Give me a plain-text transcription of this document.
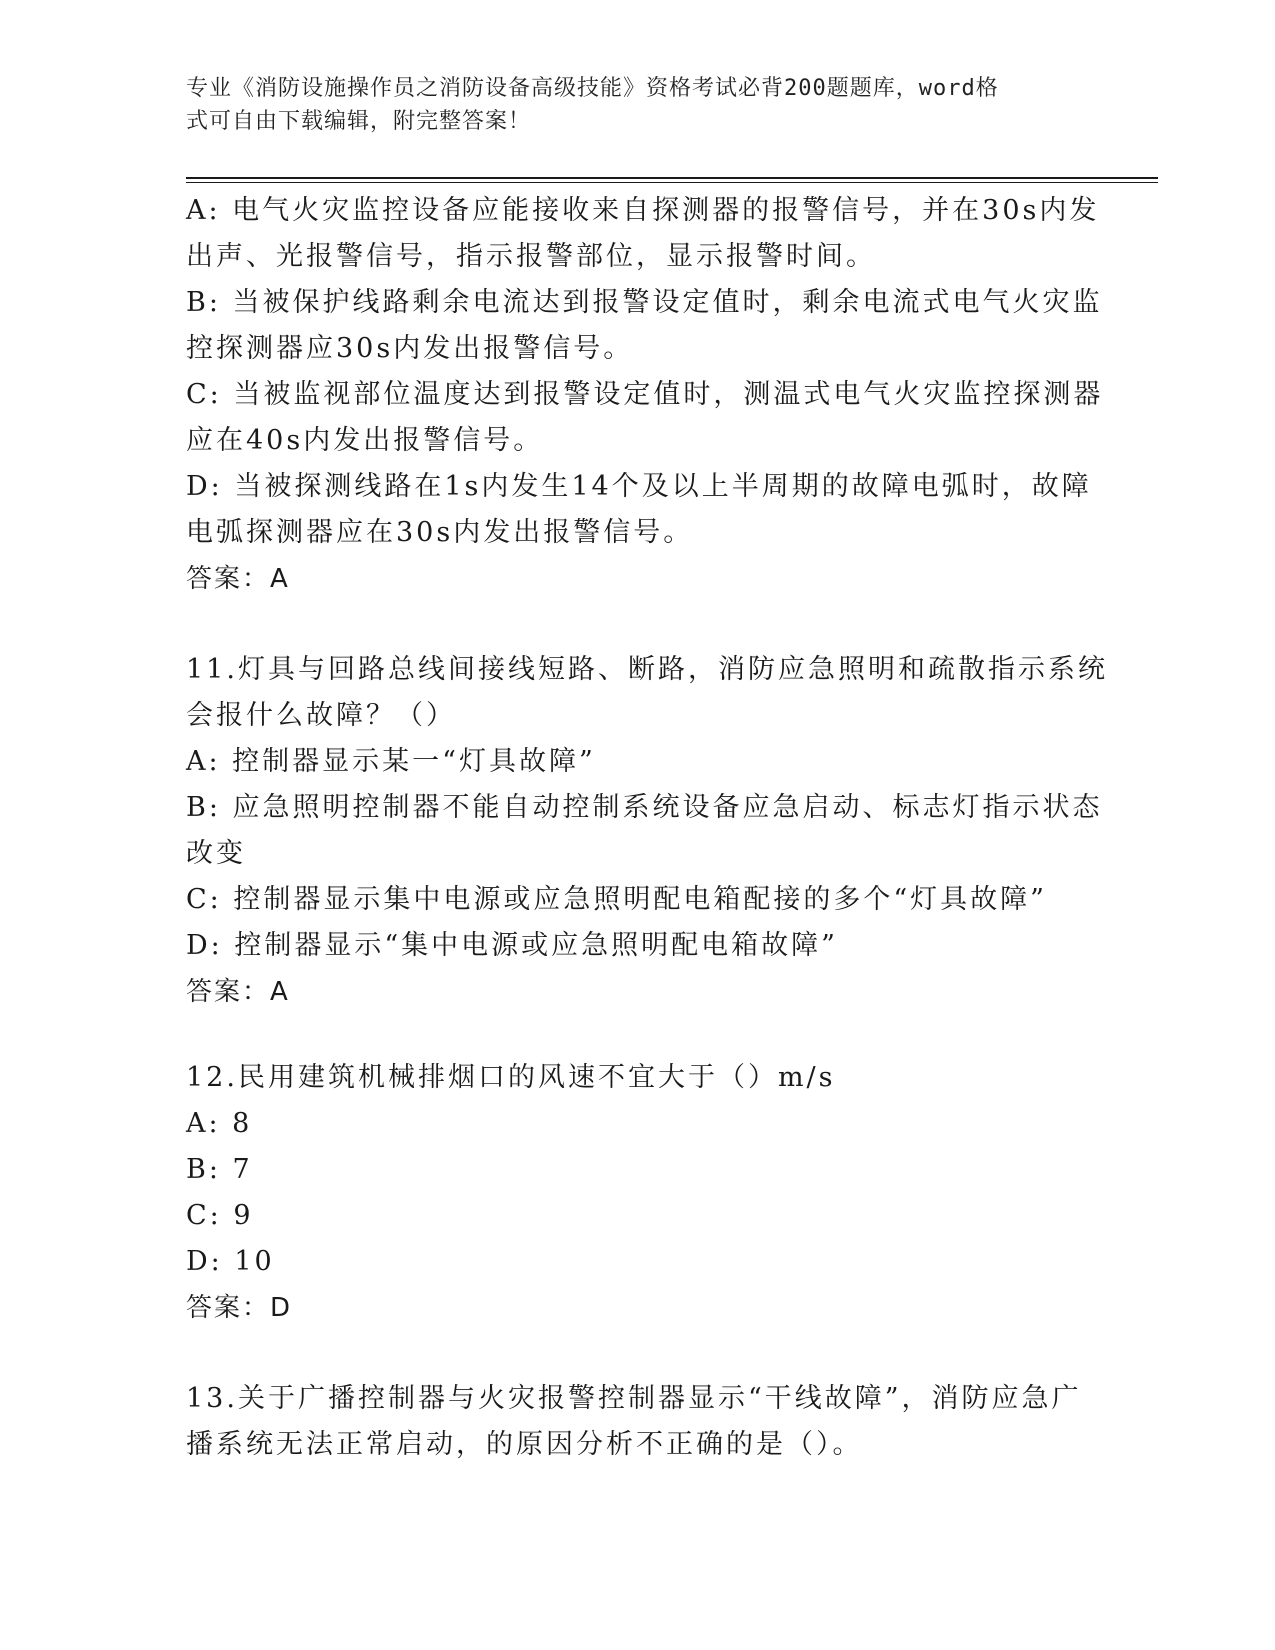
专业《消防设施操作员之消防设备高级技能》资格考试必背200题题库，word格
式可自由下载编辑，附完整答案！
A: 电气火灾监控设备应能接收来自探测器的报警信号，并在30s内发
出声、光报警信号，指示报警部位，显示报警时间。
B: 当被保护线路剩余电流达到报警设定值时，剩余电流式电气火灾监
控探测器应30s内发出报警信号。
C: 当被监视部位温度达到报警设定值时，测温式电气火灾监控探测器
应在40s内发出报警信号。
D: 当被探测线路在1s内发生14个及以上半周期的故障电弧时，故障
电弧探测器应在30s内发出报警信号。
答案：A
11.灯具与回路总线间接线短路、断路，消防应急照明和疏散指示系统
会报什么故障？（）
A: 控制器显示某一“灯具故障”
B: 应急照明控制器不能自动控制系统设备应急启动、标志灯指示状态
改变
C: 控制器显示集中电源或应急照明配电箱配接的多个“灯具故障”
D: 控制器显示“集中电源或应急照明配电箱故障”
答案：A
12.民用建筑机械排烟口的风速不宜大于（）m/s
A: 8
B: 7
C: 9
D: 10
答案：D
13.关于广播控制器与火灾报警控制器显示“干线故障”，消防应急广
播系统无法正常启动，的原因分析不正确的是（）。
